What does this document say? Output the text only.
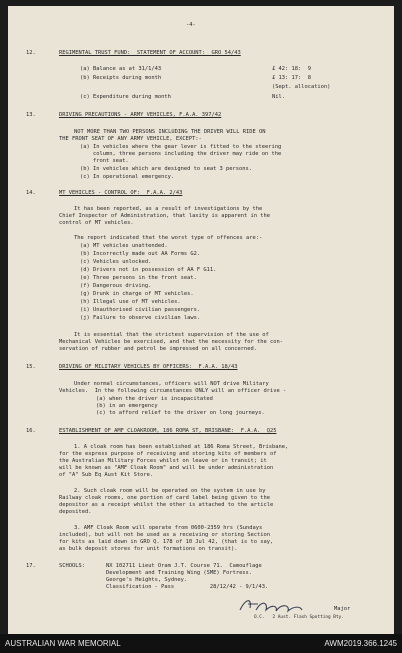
-4-
12.	REGIMENTAL TRUST FUND:  STATEMENT OF ACCOUNT:  GRO 54/43
(a) Balance as at 31/1/43	£ 42: 18:  9
(b) Receipts during month	£ 13: 17:  8
(Sept. allocation)
(c) Expenditure during month	Nil.
13.	DRIVING PRECAUTIONS - ARMY VEHICLES, F.A.A. 397/42
NOT MORE THAN TWO PERSONS INCLUDING THE DRIVER WILL RIDE ON
THE FRONT SEAT OF ANY ARMY VEHICLE, EXCEPT:-
(a) In vehicles where the gear lever is fitted to the steering
column, three persons including the driver may ride on the
front seat.
(b) In vehicles which are designed to seat 3 persons.
(c) In operational emergency.
14.	MT VEHICLES - CONTROL OF:  F.A.A. 2/43
It has been reported, as a result of investigations by the
Chief Inspector of Administration, that laxity is apparent in the
control of MT vehicles.
The report indicated that the worst type of offences are:-
(a) MT vehicles unattended.
(b) Incorrectly made out AA Forms G2.
(c) Vehicles unlocked.
(d) Drivers not in possession of AA F G11.
(e) Three persons in the front seat.
(f) Dangerous driving.
(g) Drunk in charge of MT vehicles.
(h) Illegal use of MT vehicles.
(i) Unauthorised civilian passengers.
(j) Failure to observe civilian laws.
It is essential that the strictest supervision of the use of
Mechanical Vehicles be exercised, and that the necessity for the con-
servation of rubber and petrol be impressed on all concerned.
15.	DRIVING OF MILITARY VEHICLES BY OFFICERS:  F.A.A. 18/43
Under normal circumstances, officers will NOT drive Military
Vehicles.  In the following circumstances ONLY will an officer drive -
(a) when the driver is incapacitated
(b) in an emergency
(c) to afford relief to the driver on long journeys.
16.	ESTABLISHMENT OF AMF CLOAKROOM, 186 ROMA ST, BRISBANE:  F.A.A.  Q25
1. A cloak room has been established at 186 Roma Street, Brisbane,
for the express purpose of receiving and storing kits of members of
the Australian Military Forces whilst on leave or in transit; it
will be known as "AMF Cloak Room" and will be under administration
of "A" Sub Eq Aust Kit Store.
2. Such cloak room will be operated on the system in use by
Railway cloak rooms, one portion of card label being given to the
depositor as a receipt whilst the other is attached to the article
deposited.
3. AMF Cloak Room will operate from 0600-2359 hrs (Sundays
included), but will not be used as a receiving or storing Section
for kits as laid down in GRO Q. 178 of 10 Jul 42, (that is to say,
as bulk deposit stores for unit formations on transit).
17.	SCHOOLS:	NX 102711 Lieut Oram J.T. Course 71.  Camouflage
Development and Training Wing (SME) Fortress.
George's Heights, Sydney.
Classification - Pass           28/12/42 - 9/1/43.
Major
O.C.   2 Aust. Flash Spotting Bty.
AUSTRALIAN WAR MEMORIAL	AWM2019.366.1245
